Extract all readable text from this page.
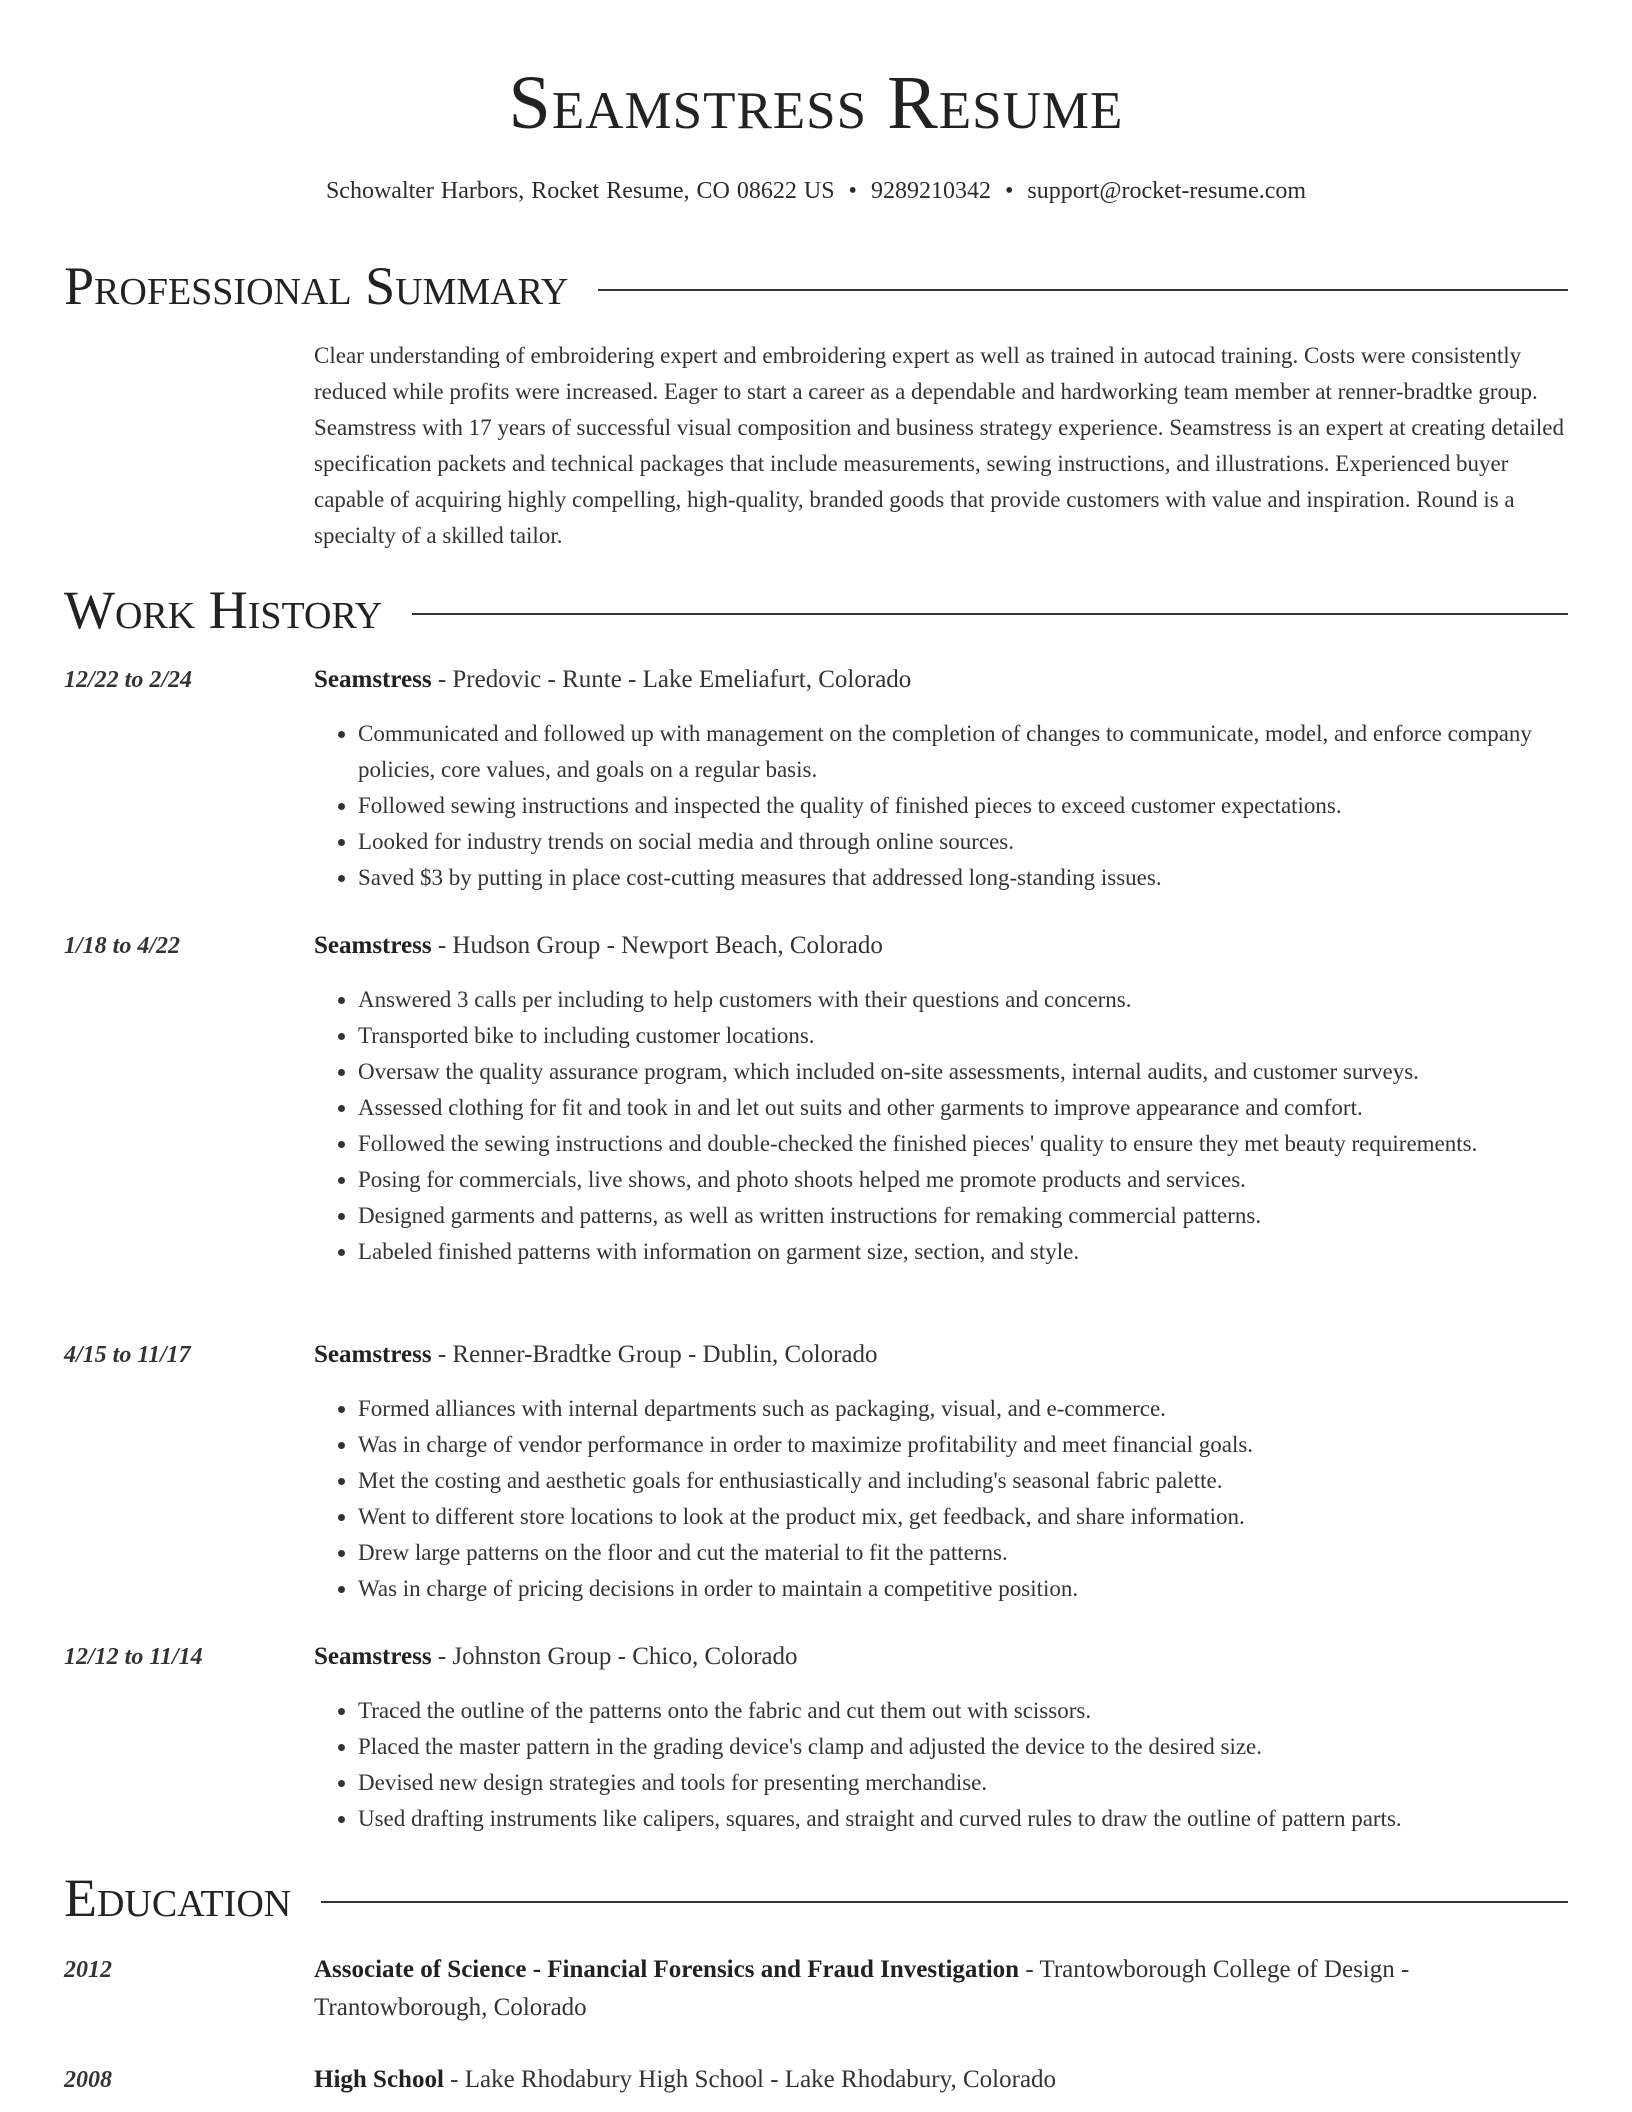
Seamstress Resume
Schowalter Harbors, Rocket Resume, CO 08622 US • 9289210342 • support@rocket-resume.com
Professional Summary
Clear understanding of embroidering expert and embroidering expert as well as trained in autocad training. Costs were consistently reduced while profits were increased. Eager to start a career as a dependable and hardworking team member at renner-bradtke group. Seamstress with 17 years of successful visual composition and business strategy experience. Seamstress is an expert at creating detailed specification packets and technical packages that include measurements, sewing instructions, and illustrations. Experienced buyer capable of acquiring highly compelling, high-quality, branded goods that provide customers with value and inspiration. Round is a specialty of a skilled tailor.
Work History
12/22 to 2/24	Seamstress - Predovic - Runte - Lake Emeliafurt, Colorado
• Communicated and followed up with management on the completion of changes to communicate, model, and enforce company policies, core values, and goals on a regular basis.
• Followed sewing instructions and inspected the quality of finished pieces to exceed customer expectations.
• Looked for industry trends on social media and through online sources.
• Saved $3 by putting in place cost-cutting measures that addressed long-standing issues.
1/18 to 4/22	Seamstress - Hudson Group - Newport Beach, Colorado
• Answered 3 calls per including to help customers with their questions and concerns.
• Transported bike to including customer locations.
• Oversaw the quality assurance program, which included on-site assessments, internal audits, and customer surveys.
• Assessed clothing for fit and took in and let out suits and other garments to improve appearance and comfort.
• Followed the sewing instructions and double-checked the finished pieces' quality to ensure they met beauty requirements.
• Posing for commercials, live shows, and photo shoots helped me promote products and services.
• Designed garments and patterns, as well as written instructions for remaking commercial patterns.
• Labeled finished patterns with information on garment size, section, and style.
4/15 to 11/17	Seamstress - Renner-Bradtke Group - Dublin, Colorado
• Formed alliances with internal departments such as packaging, visual, and e-commerce.
• Was in charge of vendor performance in order to maximize profitability and meet financial goals.
• Met the costing and aesthetic goals for enthusiastically and including's seasonal fabric palette.
• Went to different store locations to look at the product mix, get feedback, and share information.
• Drew large patterns on the floor and cut the material to fit the patterns.
• Was in charge of pricing decisions in order to maintain a competitive position.
12/12 to 11/14	Seamstress - Johnston Group - Chico, Colorado
• Traced the outline of the patterns onto the fabric and cut them out with scissors.
• Placed the master pattern in the grading device's clamp and adjusted the device to the desired size.
• Devised new design strategies and tools for presenting merchandise.
• Used drafting instruments like calipers, squares, and straight and curved rules to draw the outline of pattern parts.
Education
2012	Associate of Science - Financial Forensics and Fraud Investigation - Trantowborough College of Design - Trantowborough, Colorado
2008	High School - Lake Rhodabury High School - Lake Rhodabury, Colorado
